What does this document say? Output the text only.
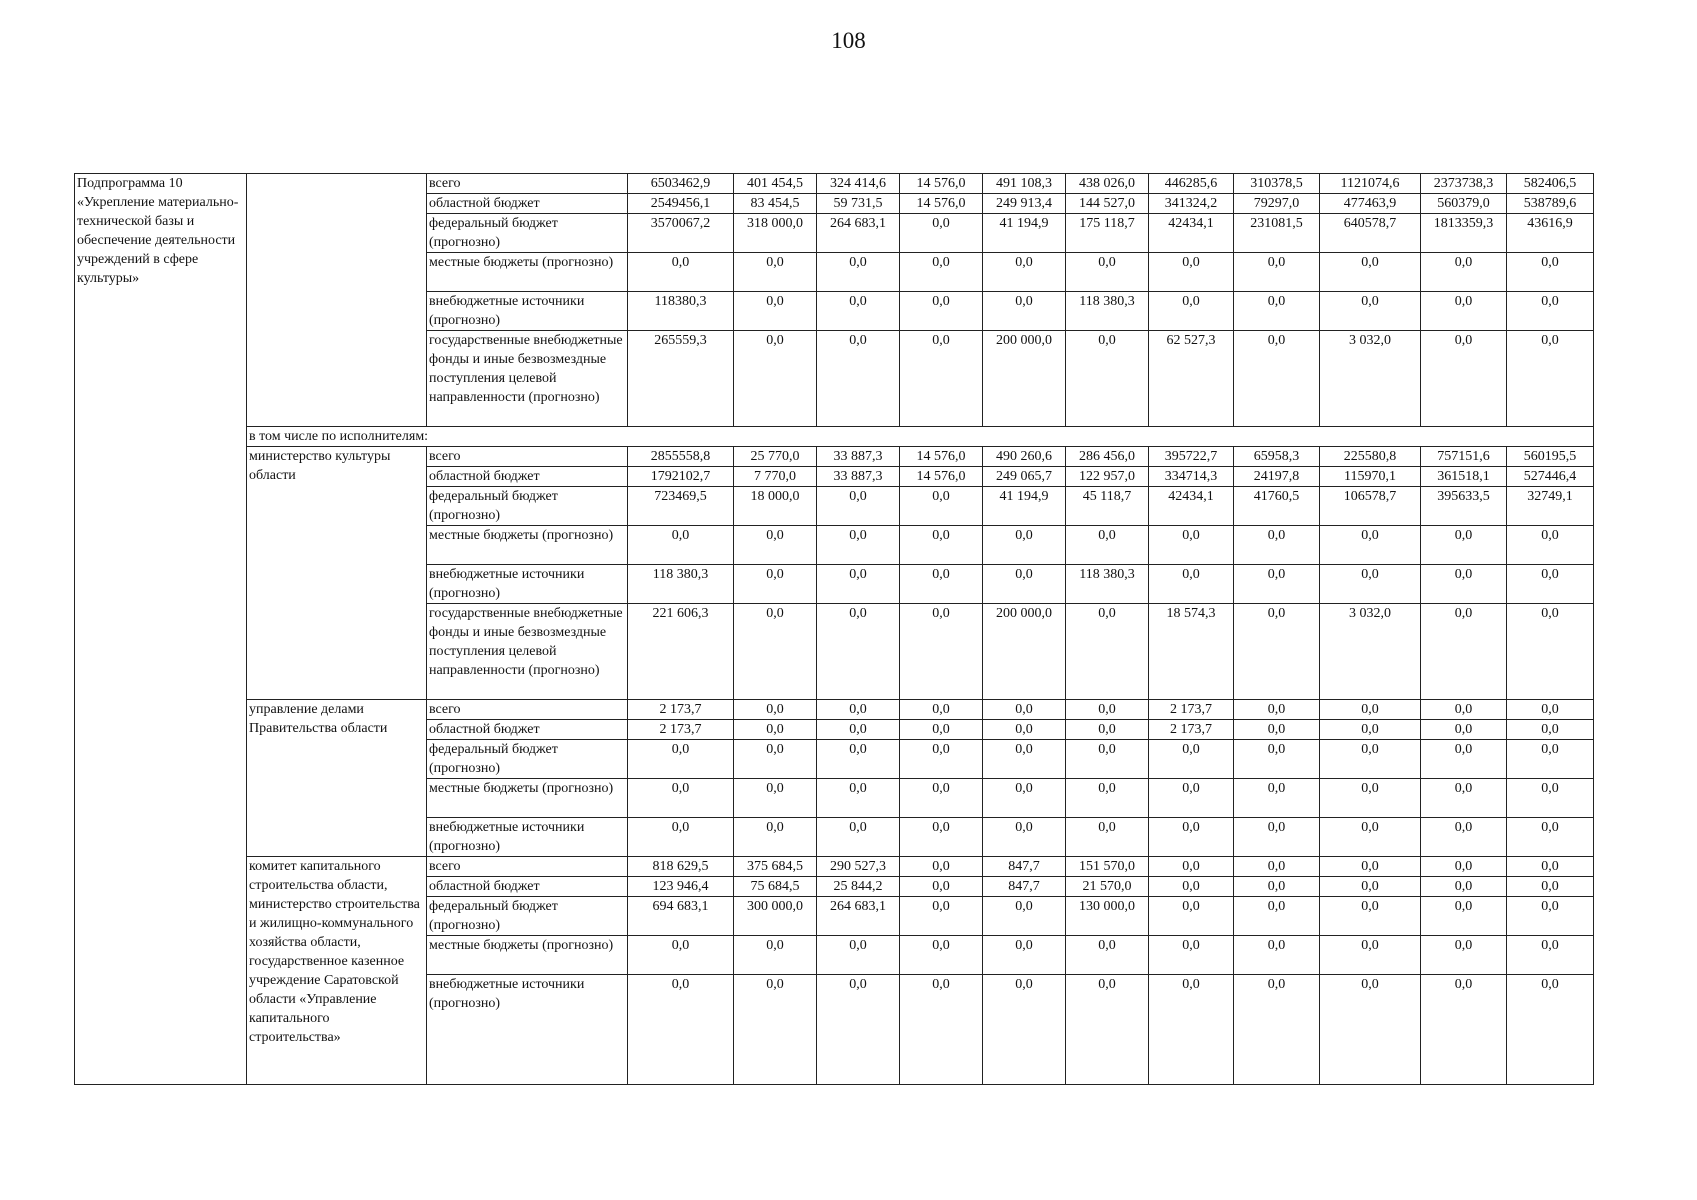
108
Подпрограмма 10 «Укрепление материально-технической базы и обеспечение деятельности учреждений в сфере культуры»		всего	6503462,9	401 454,5	324 414,6	14 576,0	491 108,3	438 026,0	446285,6	310378,5	1121074,6	2373738,3	582406,5
		областной бюджет	2549456,1	83 454,5	59 731,5	14 576,0	249 913,4	144 527,0	341324,2	79297,0	477463,9	560379,0	538789,6
		федеральный бюджет (прогнозно)	3570067,2	318 000,0	264 683,1	0,0	41 194,9	175 118,7	42434,1	231081,5	640578,7	1813359,3	43616,9
		местные бюджеты (прогнозно)	0,0	0,0	0,0	0,0	0,0	0,0	0,0	0,0	0,0	0,0	0,0
		внебюджетные источники (прогнозно)	118380,3	0,0	0,0	0,0	0,0	118 380,3	0,0	0,0	0,0	0,0	0,0
		государственные внебюджетные фонды и иные безвозмездные поступления целевой направленности (прогнозно)	265559,3	0,0	0,0	0,0	200 000,0	0,0	62 527,3	0,0	3 032,0	0,0	0,0
	в том числе по исполнителям:												
	министерство культуры области	всего	2855558,8	25 770,0	33 887,3	14 576,0	490 260,6	286 456,0	395722,7	65958,3	225580,8	757151,6	560195,5
		областной бюджет	1792102,7	7 770,0	33 887,3	14 576,0	249 065,7	122 957,0	334714,3	24197,8	115970,1	361518,1	527446,4
		федеральный бюджет (прогнозно)	723469,5	18 000,0	0,0	0,0	41 194,9	45 118,7	42434,1	41760,5	106578,7	395633,5	32749,1
		местные бюджеты (прогнозно)	0,0	0,0	0,0	0,0	0,0	0,0	0,0	0,0	0,0	0,0	0,0
		внебюджетные источники (прогнозно)	118 380,3	0,0	0,0	0,0	0,0	118 380,3	0,0	0,0	0,0	0,0	0,0
		государственные внебюджетные фонды и иные безвозмездные поступления целевой направленности (прогнозно)	221 606,3	0,0	0,0	0,0	200 000,0	0,0	18 574,3	0,0	3 032,0	0,0	0,0
	управление делами Правительства области	всего	2 173,7	0,0	0,0	0,0	0,0	0,0	2 173,7	0,0	0,0	0,0	0,0
		областной бюджет	2 173,7	0,0	0,0	0,0	0,0	0,0	2 173,7	0,0	0,0	0,0	0,0
		федеральный бюджет (прогнозно)	0,0	0,0	0,0	0,0	0,0	0,0	0,0	0,0	0,0	0,0	0,0
		местные бюджеты (прогнозно)	0,0	0,0	0,0	0,0	0,0	0,0	0,0	0,0	0,0	0,0	0,0
		внебюджетные источники (прогнозно)	0,0	0,0	0,0	0,0	0,0	0,0	0,0	0,0	0,0	0,0	0,0
	комитет капитального строительства области, министерство строительства и жилищно-коммунального хозяйства области, государственное казенное учреждение Саратовской области «Управление капитального строительства»	всего	818 629,5	375 684,5	290 527,3	0,0	847,7	151 570,0	0,0	0,0	0,0	0,0	0,0
		областной бюджет	123 946,4	75 684,5	25 844,2	0,0	847,7	21 570,0	0,0	0,0	0,0	0,0	0,0
		федеральный бюджет (прогнозно)	694 683,1	300 000,0	264 683,1	0,0	0,0	130 000,0	0,0	0,0	0,0	0,0	0,0
		местные бюджеты (прогнозно)	0,0	0,0	0,0	0,0	0,0	0,0	0,0	0,0	0,0	0,0	0,0
		внебюджетные источники (прогнозно)	0,0	0,0	0,0	0,0	0,0	0,0	0,0	0,0	0,0	0,0	0,0
